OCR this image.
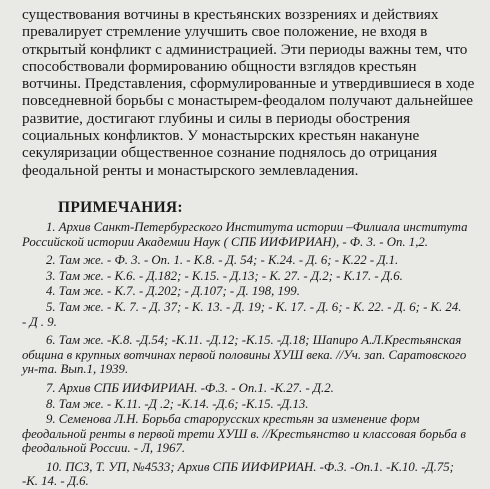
существования вотчины в крестьянских воззрениях и действиях
превалирует стремление улучшить свое положение, не входя в
открытый конфликт с администрацией. Эти периоды важны тем, что
способствовали формированию общности взглядов крестьян
вотчины. Представления, сформулированные и утвердившиеся в ходе
повседневной борьбы с монастырем-феодалом получают дальнейшее
развитие, достигают глубины и силы в периоды обострения
социальных конфликтов. У монастырских крестьян накануне
секуляризации общественное сознание поднялось до отрицания
феодальной ренты и монастырского землевладения.
ПРИМЕЧАНИЯ:
1. Архив Санкт-Петербургского Института истории –Филиала института
Российской истории Академии Наук ( СПБ ИИФИРИАН), - Ф. 3. - Оп. 1,2.
2. Там же. - Ф. 3. - Оп. 1. - К.8. - Д. 54; - К.24. - Д. 6; - К.22 - Д.1.
3. Там же. - К.6. - Д.182; - К.15. - Д.13; - К. 27. - Д.2; - К.17. - Д.6.
4. Там же. - К.7. - Д.202; - Д.107; - Д. 198, 199.
5. Там же. - К. 7. - Д. 37; - К. 13. - Д. 19; - К. 17. - Д. 6; - К. 22. - Д. 6; - К. 24.
- Д . 9.
6. Там же. -К.8. -Д.54; -К.11. -Д.12; -К.15. -Д.18; Шапиро А.Л.Крестьянская
община в крупных вотчинах первой половины ХУШ века. //Уч. зап. Саратовского
ун-та. Вып.1, 1939.
7. Архив СПБ ИИФИРИАН. -Ф.3. - Оп.1. -К.27. - Д.2.
8. Там же. - К.11. -Д .2; -К.14. -Д.6; -К.15. -Д.13.
9. Семенова Л.Н. Борьба старорусских крестьян за изменение форм
феодальной ренты в первой трети ХУШ в. //Крестьянство и классовая борьба в
феодальной России. - Л, 1967.
10. ПСЗ, Т. УП, №4533; Архив СПБ ИИФИРИАН. -Ф.3. -Оп.1. -К.10. -Д.75;
-К. 14. - Д.6.
